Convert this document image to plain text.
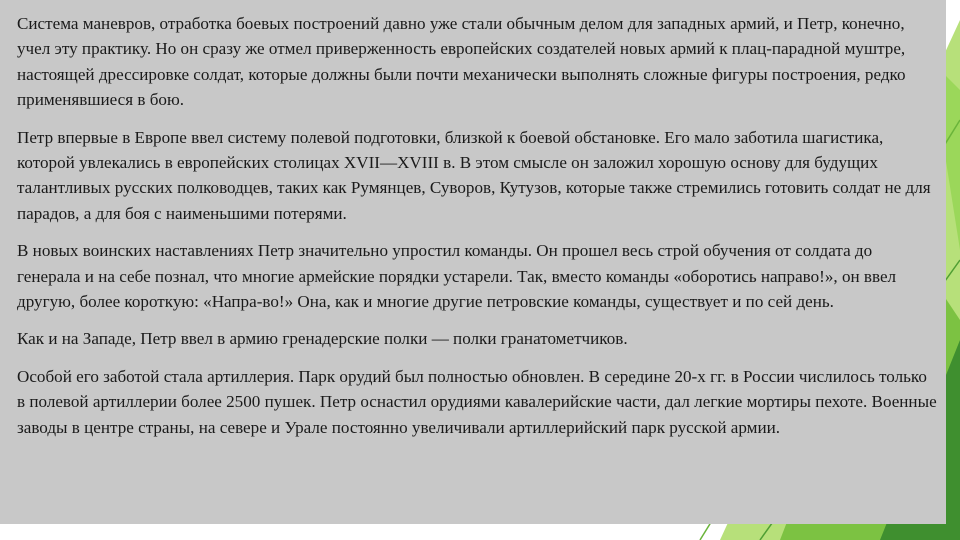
Система маневров, отработка боевых построений давно уже стали обычным делом для западных армий, и Петр, конечно, учел эту практику. Но он сразу же отмел приверженность европейских создателей новых армий к плац-парадной муштре, настоящей дрессировке солдат, которые должны были почти механически выполнять сложные фигуры построения, редко применявшиеся в бою.

Петр впервые в Европе ввел систему полевой подготовки, близкой к боевой обстановке. Его мало заботила шагистика, которой увлекались в европейских столицах XVII—XVIII в. В этом смысле он заложил хорошую основу для будущих талантливых русских полководцев, таких как Румянцев, Суворов, Кутузов, которые также стремились готовить солдат не для парадов, а для боя с наименьшими потерями.

В новых воинских наставлениях Петр значительно упростил команды. Он прошел весь строй обучения от солдата до генерала и на себе познал, что многие армейские порядки устарели. Так, вместо команды «оборотись направо!», он ввел другую, более короткую: «Напра-во!» Она, как и многие другие петровские команды, существует и по сей день.

Как и на Западе, Петр ввел в армию гренадерские полки — полки гранатометчиков.

Особой его заботой стала артиллерия. Парк орудий был полностью обновлен. В середине 20-х гг. в России числилось только в полевой артиллерии более 2500 пушек. Петр оснастил орудиями кавалерийские части, дал легкие мортиры пехоте. Военные заводы в центре страны, на севере и Урале постоянно увеличивали артиллерийский парк русской армии.
